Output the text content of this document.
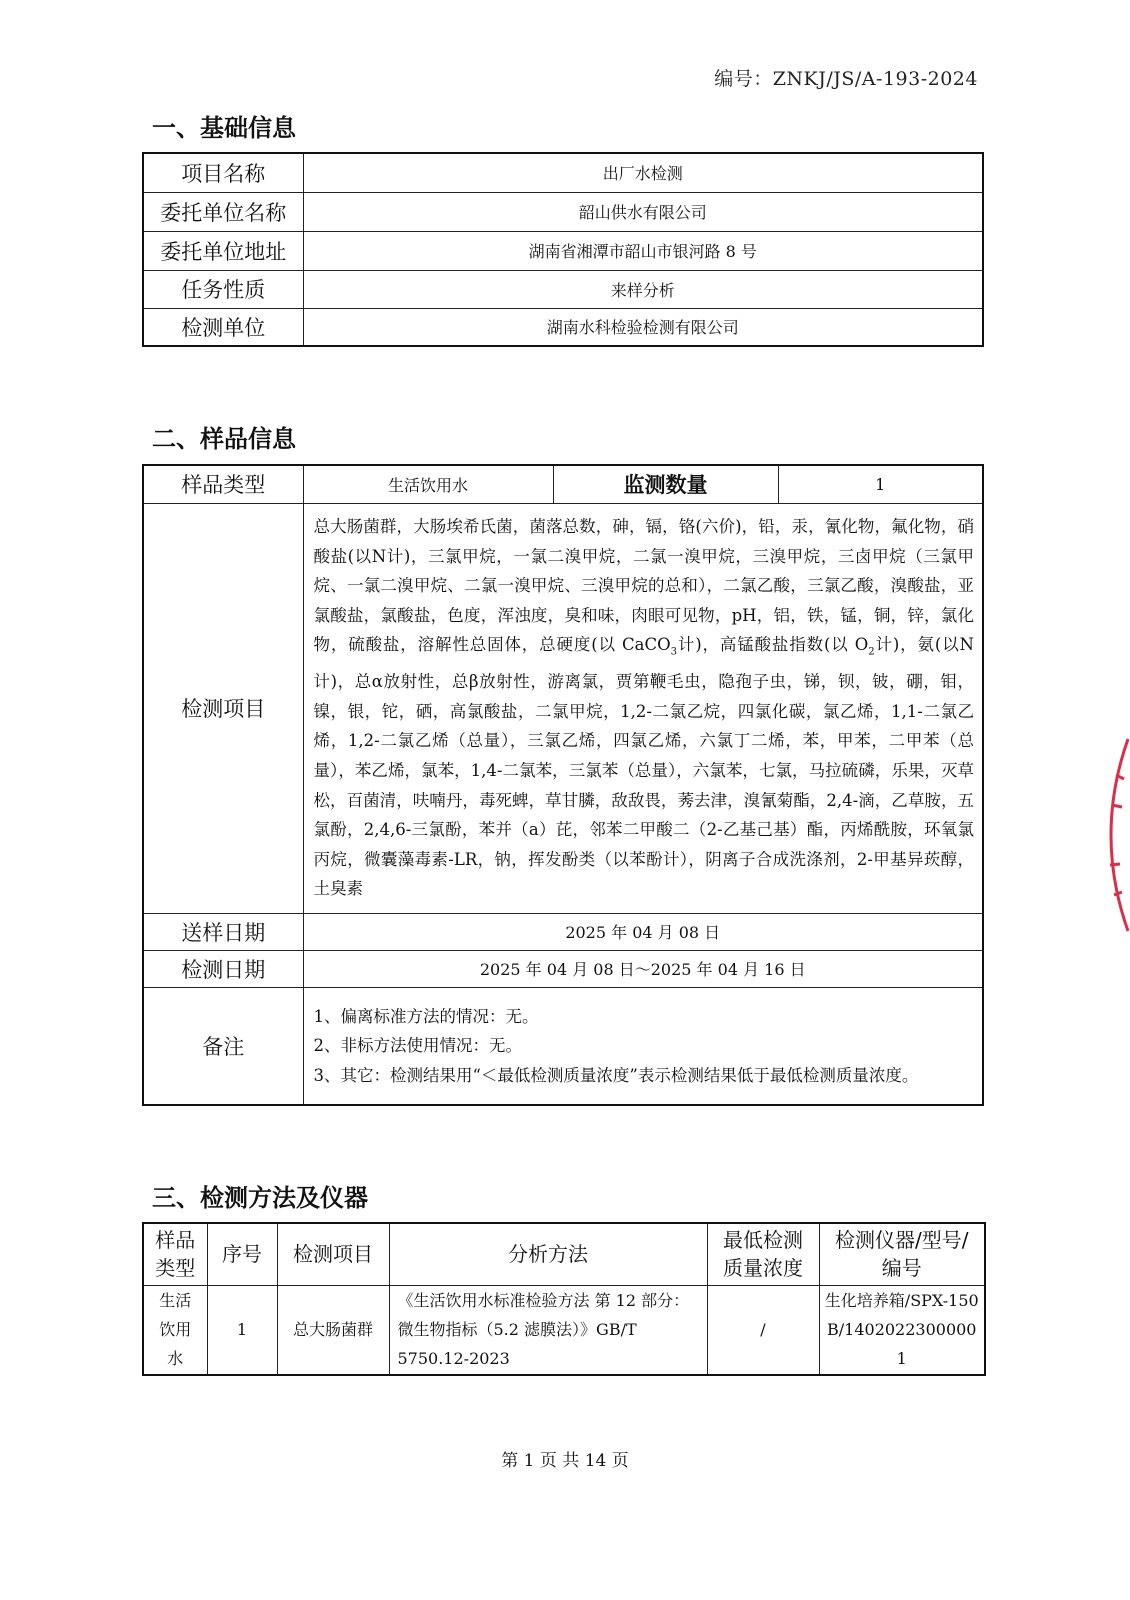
编号：ZNKJ/JS/A-193-2024
一、基础信息
项目名称	出厂水检测
委托单位名称	韶山供水有限公司
委托单位地址	湖南省湘潭市韶山市银河路 8 号
任务性质	来样分析
检测单位	湖南水科检验检测有限公司
二、样品信息
样品类型	生活饮用水	监测数量	1
检测项目	总大肠菌群，大肠埃希氏菌，菌落总数，砷，镉，铬(六价)，铅，汞，氰化物，氟化物，硝酸盐(以N计)，三氯甲烷，一氯二溴甲烷，二氯一溴甲烷，三溴甲烷，三卤甲烷（三氯甲烷、一氯二溴甲烷、二氯一溴甲烷、三溴甲烷的总和），二氯乙酸，三氯乙酸，溴酸盐，亚氯酸盐，氯酸盐，色度，浑浊度，臭和味，肉眼可见物，pH，铝，铁，锰，铜，锌，氯化物，硫酸盐，溶解性总固体，总硬度(以 CaCO$_3$计)，高锰酸盐指数(以 $O_2$计)，氨(以N计)，总α放射性，总β放射性，游离氯，贾第鞭毛虫，隐孢子虫，锑，钡，铍，硼，钼，镍，银，铊，硒，高氯酸盐，二氯甲烷，1,2-二氯乙烷，四氯化碳，氯乙烯，1,1-二氯乙烯，1,2-二氯乙烯（总量），三氯乙烯，四氯乙烯，六氯丁二烯，苯，甲苯，二甲苯（总量），苯乙烯，氯苯，1,4-二氯苯，三氯苯（总量），六氯苯，七氯，马拉硫磷，乐果，灭草松，百菌清，呋喃丹，毒死蜱，草甘膦，敌敌畏，莠去津，溴氰菊酯，2,4-滴，乙草胺，五氯酚，2,4,6-三氯酚，苯并（a）芘，邻苯二甲酸二（2-乙基己基）酯，丙烯酰胺，环氧氯丙烷，微囊藻毒素-LR，钠，挥发酚类（以苯酚计），阴离子合成洗涤剂，2-甲基异莰醇，土臭素		
送样日期	2025 年 04 月 08 日		
检测日期	2025 年 04 月 08 日～2025 年 04 月 16 日		
备注	1、偏离标准方法的情况：无。

2、非标方法使用情况：无。

3、其它：检测结果用“＜最低检测质量浓度”表示检测结果低于最低检测质量浓度。		

三、检测方法及仪器
样品类型	序号	检测项目	分析方法	最低检测质量浓度	检测仪器/型号/编号
生活饮用水	1	总大肠菌群	《生活饮用水标准检验方法 第 12 部分：微生物指标（5.2 滤膜法）》GB/T 5750.12-2023	/	生化培养箱/SPX-150B/14020223000001
第 1 页 共 14 页
